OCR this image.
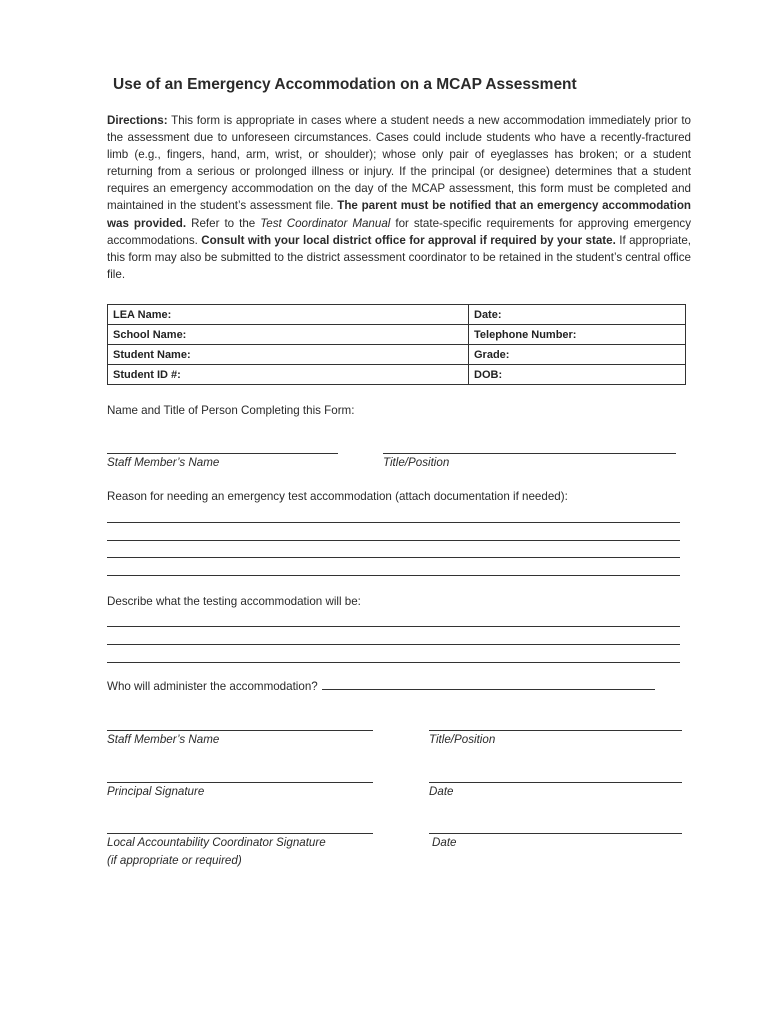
Use of an Emergency Accommodation on a MCAP Assessment

Directions: This form is appropriate in cases where a student needs a new accommodation immediately prior to the assessment due to unforeseen circumstances. Cases could include students who have a recently-fractured limb (e.g., fingers, hand, arm, wrist, or shoulder); whose only pair of eyeglasses has broken; or a student returning from a serious or prolonged illness or injury. If the principal (or designee) determines that a student requires an emergency accommodation on the day of the MCAP assessment, this form must be completed and maintained in the student’s assessment file. The parent must be notified that an emergency accommodation was provided. Refer to the Test Coordinator Manual for state-specific requirements for approving emergency accommodations. Consult with your local district office for approval if required by your state. If appropriate, this form may also be submitted to the district assessment coordinator to be retained in the student’s central office file.

LEA Name:	Date:
School Name:	Telephone Number:
Student Name:	Grade:
Student ID #:	DOB:

Name and Title of Person Completing this Form:

Staff Member’s Name	Title/Position

Reason for needing an emergency test accommodation (attach documentation if needed):

Describe what the testing accommodation will be:

Who will administer the accommodation?

Staff Member’s Name	Title/Position

Principal Signature	Date

Local Accountability Coordinator Signature	Date

(if appropriate or required)
